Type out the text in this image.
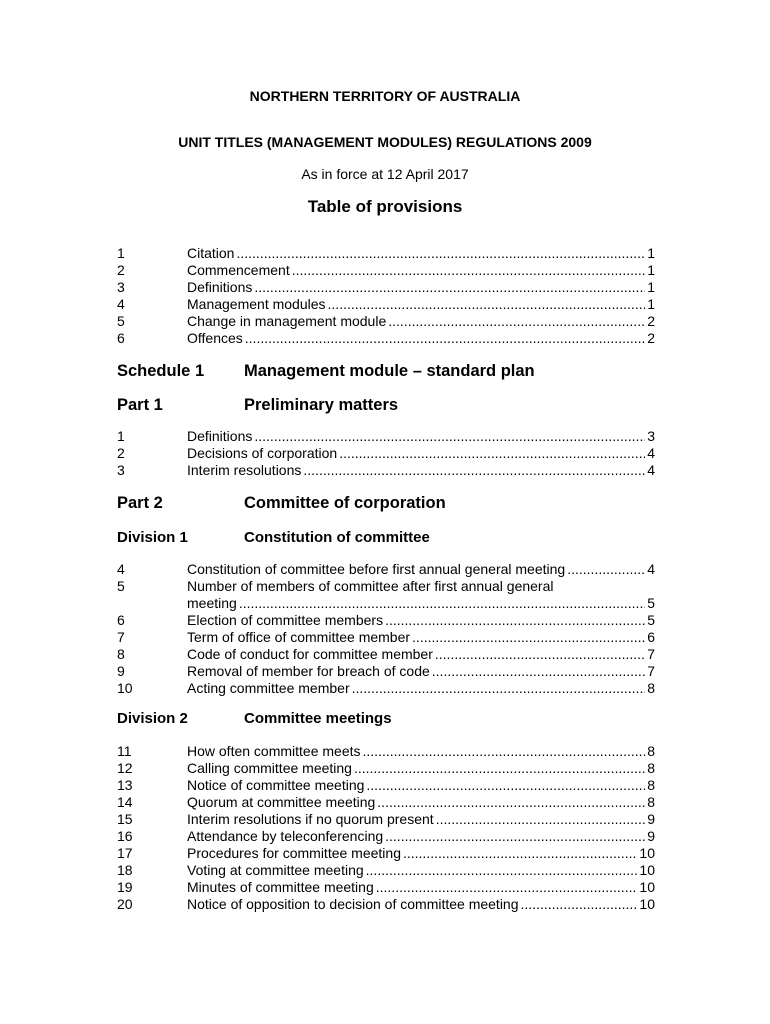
NORTHERN TERRITORY OF AUSTRALIA

UNIT TITLES (MANAGEMENT MODULES) REGULATIONS 2009

As in force at 12 April 2017

Table of provisions

1	Citation .....	1
2	Commencement .....	1
3	Definitions .....	1
4	Management modules .....	1
5	Change in management module .....	2
6	Offences .....	2

Schedule 1 Management module – standard plan

Part 1	Preliminary matters

1	Definitions .....	3
2	Decisions of corporation .....	4
3	Interim resolutions .....	4

Part 2	Committee of corporation

Division 1	Constitution of committee

4	Constitution of committee before first annual general meeting .....	4
5	Number of members of committee after first annual general
meeting .....	5
6	Election of committee members .....	5
7	Term of office of committee member .....	6
8	Code of conduct for committee member .....	7
9	Removal of member for breach of code .....	7
10	Acting committee member .....	8

Division 2	Committee meetings

11	How often committee meets .....	8
12	Calling committee meeting .....	8
13	Notice of committee meeting .....	8
14	Quorum at committee meeting .....	8
15	Interim resolutions if no quorum present .....	9
16	Attendance by teleconferencing .....	9
17	Procedures for committee meeting .....	10
18	Voting at committee meeting .....	10
19	Minutes of committee meeting .....	10
20	Notice of opposition to decision of committee meeting .....	10
